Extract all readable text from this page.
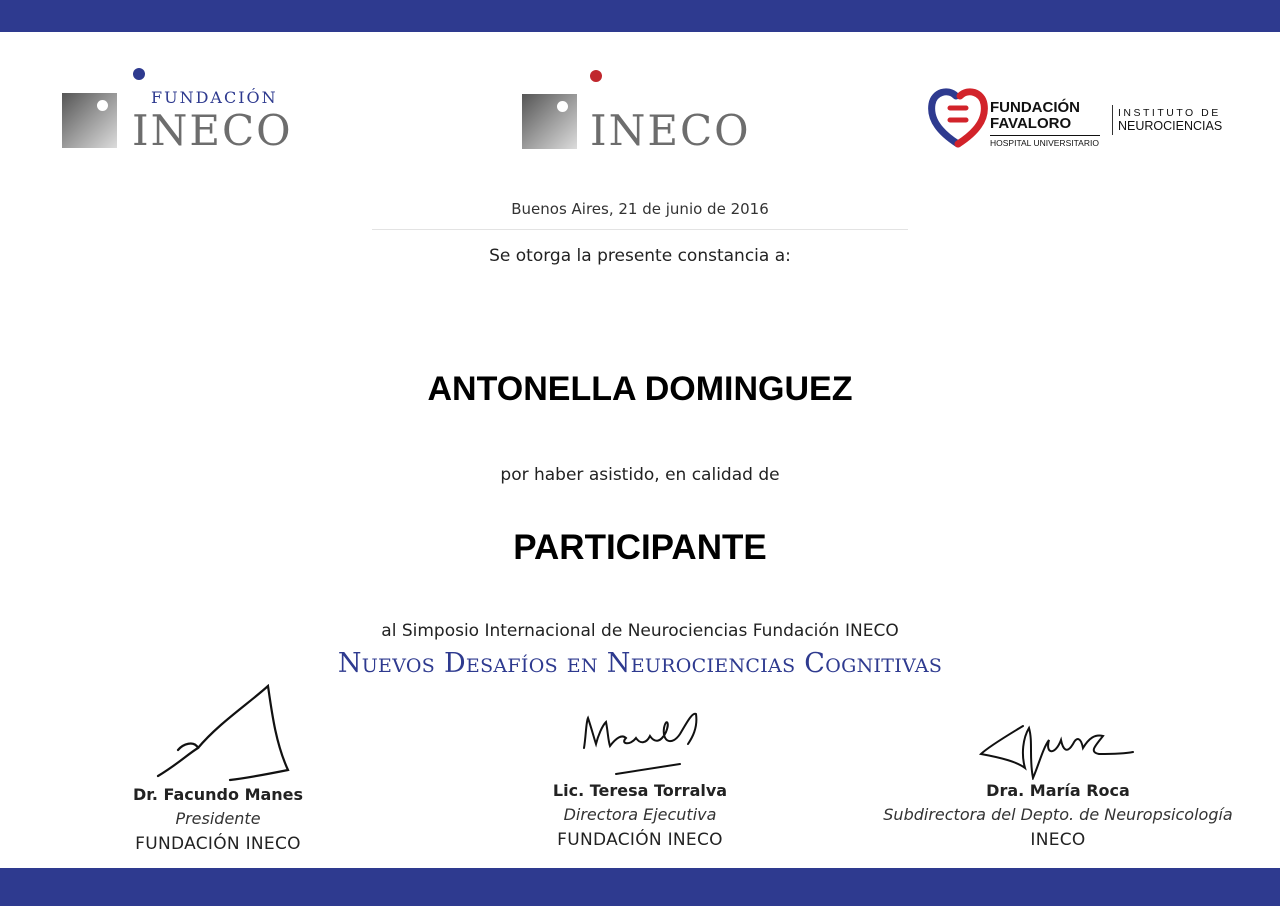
FUNDACIÓN
INECO	INECO	FUNDACIÓN
FAVALORO
HOSPITAL UNIVERSITARIO
INSTITUTO DE
NEUROCIENCIAS
Buenos Aires, 21 de junio de 2016
Se otorga la presente constancia a:
ANTONELLA DOMINGUEZ
por haber asistido, en calidad de
PARTICIPANTE
al Simposio Internacional de Neurociencias Fundación INECO
Nuevos Desafíos en Neurociencias Cognitivas
Dr. Facundo Manes
Presidente
FUNDACIÓN INECO
Lic. Teresa Torralva
Directora Ejecutiva
FUNDACIÓN INECO
Dra. María Roca
Subdirectora del Depto. de Neuropsicología
INECO
